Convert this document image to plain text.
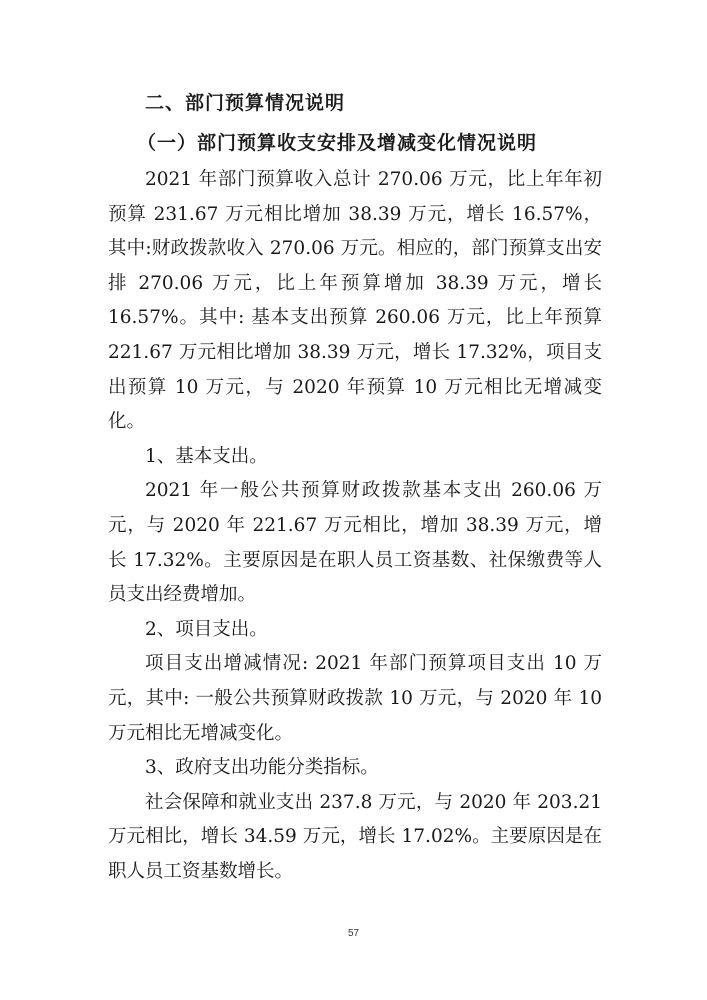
二、部门预算情况说明
（一）部门预算收支安排及增减变化情况说明

2021 年部门预算收入总计 270.06 万元，比上年年初预算 231.67 万元相比增加 38.39 万元，增长 16.57%，其中:财政拨款收入 270.06 万元。相应的，部门预算支出安排 270.06 万元，比上年预算增加 38.39 万元，增长 16.57%。其中: 基本支出预算 260.06 万元，比上年预算 221.67 万元相比增加 38.39 万元，增长 17.32%，项目支出预算 10 万元，与 2020 年预算 10 万元相比无增减变化。

1、基本支出。

2021 年一般公共预算财政拨款基本支出 260.06 万元，与 2020 年 221.67 万元相比，增加 38.39 万元，增长 17.32%。主要原因是在职人员工资基数、社保缴费等人员支出经费增加。

2、项目支出。

项目支出增减情况: 2021 年部门预算项目支出 10 万元，其中: 一般公共预算财政拨款 10 万元，与 2020 年 10 万元相比无增减变化。

3、政府支出功能分类指标。

社会保障和就业支出 237.8 万元，与 2020 年 203.21 万元相比，增长 34.59 万元，增长 17.02%。主要原因是在职人员工资基数增长。

57
